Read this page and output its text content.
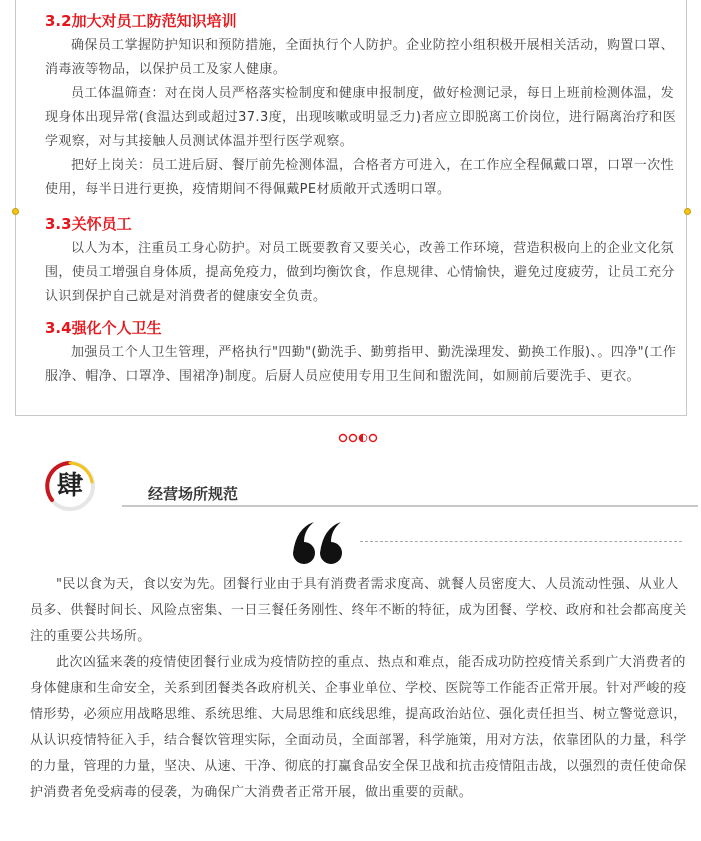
3.2加大对员工防范知识培训

确保员工掌握防护知识和预防措施，全面执行个人防护。企业防控小组积极开展相关活动，购置口罩、消毒液等物品，以保护员工及家人健康。

员工体温筛查：对在岗人员严格落实检制度和健康申报制度，做好检测记录，每日上班前检测体温，发现身体出现异常(食温达到或超过37.3度，出现咳嗽或明显乏力)者应立即脱离工价岗位，进行隔离治疗和医学观察，对与其接触人员测试体温并型行医学观察。

把好上岗关：员工进后厨、餐厅前先检测体温，合格者方可进入，在工作应全程佩戴口罩，口罩一次性使用，每半日进行更换，疫情期间不得佩戴PE材质敞开式透明口罩。

3.3关怀员工

以人为本，注重员工身心防护。对员工既要教育又要关心，改善工作环境，营造积极向上的企业文化氛围，使员工增强自身体质，提高免疫力，做到均衡饮食，作息规律、心情愉快，避免过度疲劳，让员工充分认识到保护自己就是对消费者的健康安全负责。

3.4强化个人卫生

加强员工个人卫生管理，严格执行"四勤"(勤洗手、勤剪指甲、勤洗澡理发、勤换工作服)、。四净"(工作服净、帽净、口罩净、围裙净)制度。后厨人员应使用专用卫生间和盥洗间，如厕前后要洗手、更衣。

肆	经营场所规范

"民以食为天，食以安为先。团餐行业由于具有消费者需求度高、就餐人员密度大、人员流动性强、从业人员多、供餐时间长、风险点密集、一日三餐任务刚性、终年不断的特征，成为团餐、学校、政府和社会都高度关注的重要公共场所。

此次凶猛来袭的疫情使团餐行业成为疫情防控的重点、热点和难点，能否成功防控疫情关系到广大消费者的身体健康和生命安全，关系到团餐类各政府机关、企事业单位、学校、医院等工作能否正常开展。针对严峻的疫情形势，必须应用战略思维、系统思维、大局思维和底线思维，提高政治站位、强化责任担当、树立警觉意识，从认识疫情特征入手，结合餐饮管理实际，全面动员，全面部署，科学施策，用对方法，依靠团队的力量，科学的力量，管理的力量，坚决、从速、干净、彻底的打赢食品安全保卫战和抗击疫情阻击战，以强烈的责任使命保护消费者免受病毒的侵袭，为确保广大消费者正常开展，做出重要的贡献。
